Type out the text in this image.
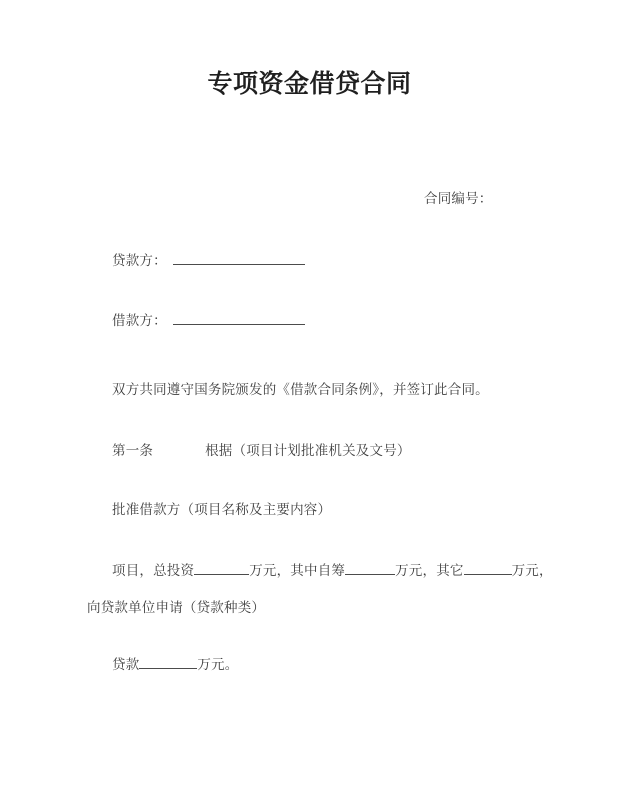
专项资金借贷合同
合同编号：
贷款方：
借款方：
双方共同遵守国务院颁发的《借款合同条例》，并签订此合同。
第一条	根据（项目计划批准机关及文号）
批准借款方（项目名称及主要内容）
项目，总投资	万元，其中自筹	万元，其它	万元，
向贷款单位申请（贷款种类）
贷款	万元。
